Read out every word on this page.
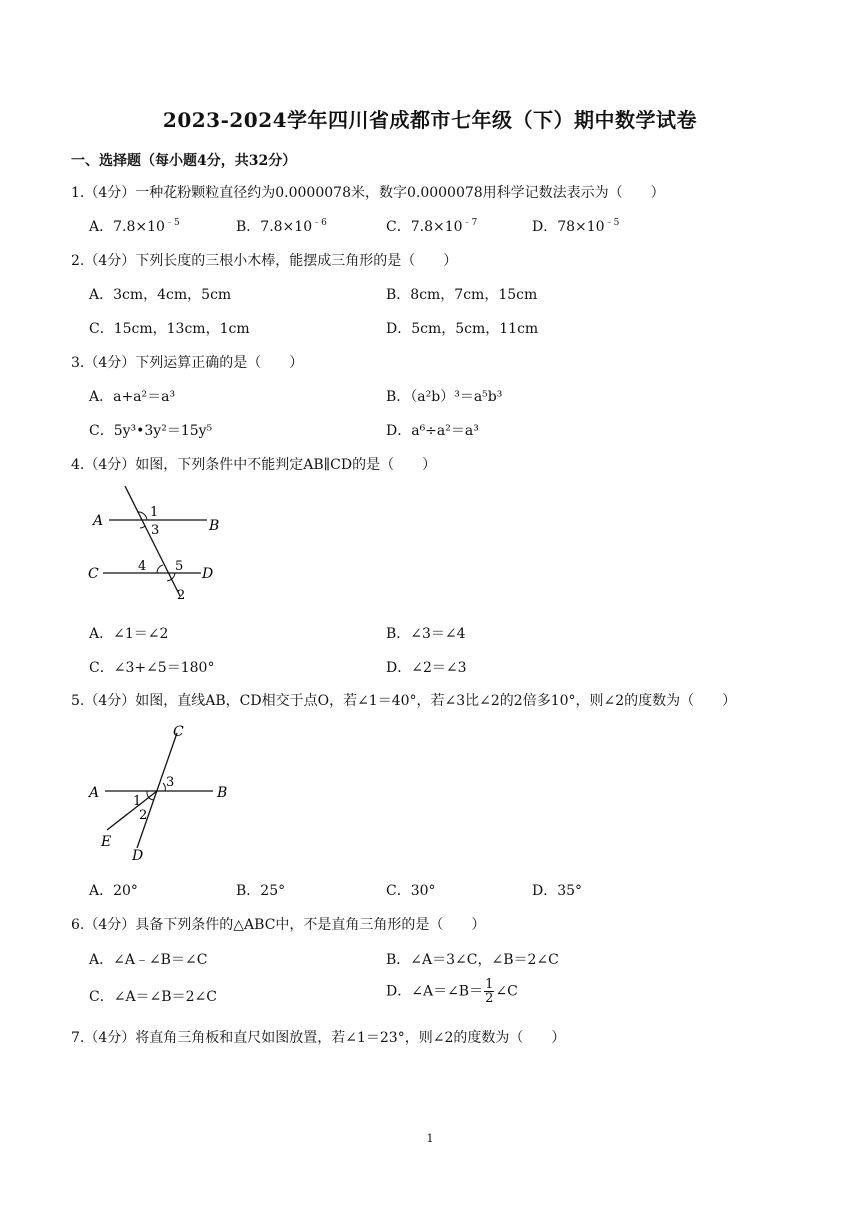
2023-2024学年四川省成都市七年级（下）期中数学试卷
一、选择题（每小题4分，共32分）
1.（4分）一种花粉颗粒直径约为0.0000078米，数字0.0000078用科学记数法表示为（　　）
A．$7.8\times 10^{﹣5}$	B．$7.8\times 10^{﹣6}$	C．$7.8\times 10^{﹣7}$	D．$78\times 10^{﹣5}$
2.（4分）下列长度的三根小木棒，能摆成三角形的是（　　）
A．3cm，4cm，5cm	B．8cm，7cm，15cm
C．15cm，13cm，1cm	D．5cm，5cm，11cm
3.（4分）下列运算正确的是（　　）
A．a+a²＝a³	B．（a²b）³＝a⁵b³
C．5y³•3y²＝15y⁵	D．a⁶÷a²＝a³
4.（4分）如图，下列条件中不能判定AB∥CD的是（　　）
A	B
C	D
1
3
4 5
2
A．∠1＝∠2	B．∠3＝∠4
C．∠3+∠5＝180°	D．∠2＝∠3
5.（4分）如图，直线AB，CD相交于点O，若∠1＝40°，若∠3比∠2的2倍多10°，则∠2的度数为（　　）
A	B
C
D
E
1
2
3
A．20°	B．25°	C．30°	D．35°
6.（4分）具备下列条件的△ABC中，不是直角三角形的是（　　）
A．∠A﹣∠B＝∠C	B．∠A＝3∠C，∠B＝2∠C
C．∠A＝∠B＝2∠C	D．∠A＝∠B＝ $\frac{1}{2}$ ∠C
7.（4分）将直角三角板和直尺如图放置，若∠1＝23°，则∠2的度数为（　　）
1
